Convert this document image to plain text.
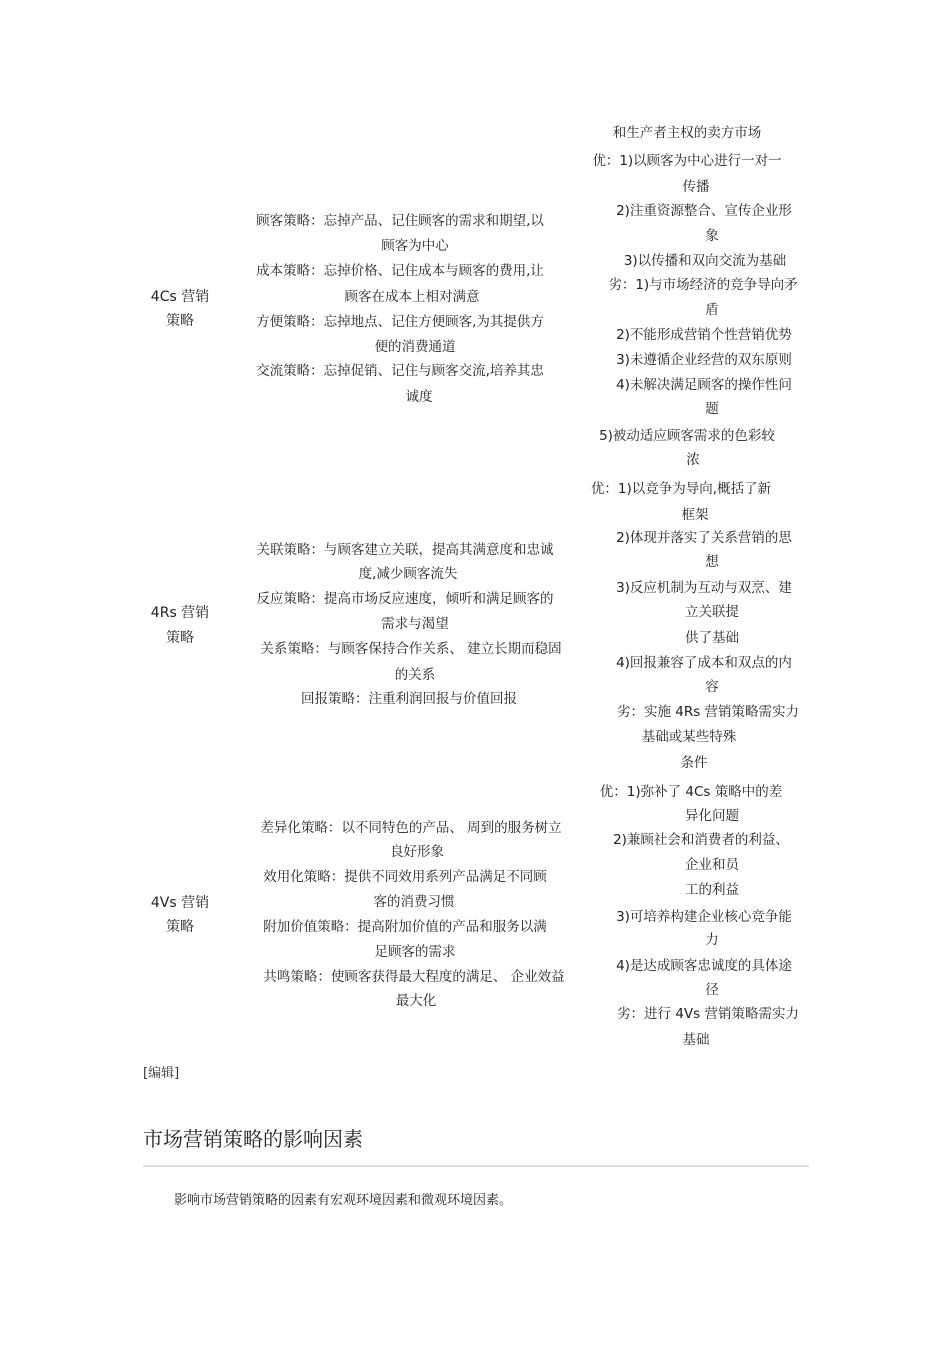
4Cs 营销
策略
顾客策略：忘掉产品、记住顾客的需求和期望,以
顾客为中心
成本策略：忘掉价格、记住成本与顾客的费用,让
顾客在成本上相对满意
方便策略：忘掉地点、记住方便顾客,为其提供方
便的消费通道
交流策略：忘掉促销、记住与顾客交流,培养其忠
诚度
和生产者主权的卖方市场
优：1)以顾客为中心进行一对一
传播
2)注重资源整合、宣传企业形
象
3)以传播和双向交流为基础
劣：1)与市场经济的竞争导向矛
盾
2)不能形成营销个性营销优势
3)未遵循企业经营的双东原则
4)未解决满足顾客的操作性问
题
5)被动适应顾客需求的色彩较
浓
4Rs 营销
策略
关联策略：与顾客建立关联，提高其满意度和忠诚
度,减少顾客流失
反应策略：提高市场反应速度，倾听和满足顾客的
需求与渴望
关系策略：与顾客保持合作关系、 建立长期而稳固
的关系
回报策略：注重利润回报与价值回报
优：1)以竞争为导向,概括了新
框架
2)体现并落实了关系营销的思
想
3)反应机制为互动与双烹、建
立关联提
供了基础
4)回报兼容了成本和双点的内
容
劣：实施 4Rs 营销策略需实力
基础或某些特殊
条件
4Vs 营销
策略
差异化策略：以不同特色的产品、 周到的服务树立
良好形象
效用化策略：提供不同效用系列产品满足不同顾
客的消费习惯
附加价值策略：提高附加价值的产品和服务以满
足顾客的需求
共鸣策略：使顾客获得最大程度的满足、 企业效益
最大化
优：1)弥补了 4Cs 策略中的差
异化问题
2)兼顾社会和消费者的利益、
企业和员
工的利益
3)可培养构建企业核心竞争能
力
4)是达成顾客忠诚度的具体途
径
劣：进行 4Vs 营销策略需实力
基础
[编辑]
市场营销策略的影响因素
影响市场营销策略的因素有宏观环境因素和微观环境因素。
